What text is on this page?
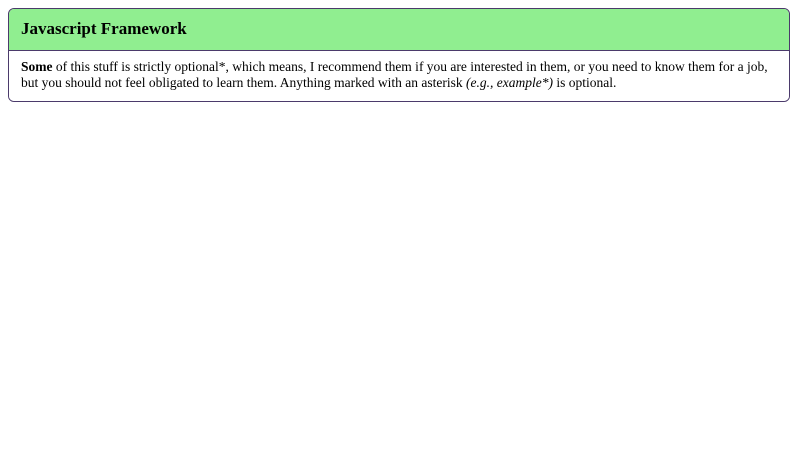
Javascript Framework

Some of this stuff is strictly optional*, which means, I recommend them if you are interested in them, or you need to know them for a job, but you should not feel obligated to learn them. Anything marked with an asterisk (e.g., example*) is optional.
